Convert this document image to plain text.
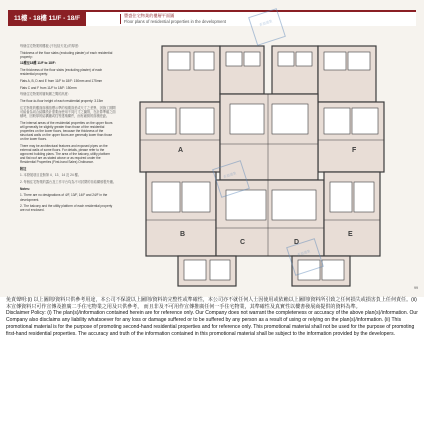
11樓 - 18樓 11/F - 18/F	豐盛住宅物業的樓層平面圖
Floor plans of residential properties in the development

每個住宅物業的樓板 (不包括天花) 的厚度:

Thickness of the floor slabs (excluding plaster) of each residential property:

11樓至18樓 11/F to 18/F:

The thickness of the floor slabs (excluding plaster) of each residential property:

Flats A, B, D and E from 11/F to 18/F: 150mm and 175mm

Flats C and F from 11/F to 18/F: 150mm

每個住宅物業的層與層之間的高度:

The floor-to-floor height of each residential property: 3.15m

住宅物業的樓面面積指標示準的預期誤差或尺寸之差異，因施工期間可能會為切合結構設計需要而使用不同尺寸之圖則，在計算準確之面積時，因較厚的結構牆或柱等建築構件，而有細微的面積差距。

The internal areas of the residential properties on the upper floors will generally be slightly greater than those of the residential properties on the lower floors, because the thickness of the structural walls on the upper floors are generally lower than those on the lower floors.

There may be architectural features and exposed pipes on the external walls of some floors. For details, please refer to the approved building plans. The area of the balcony, utility platform and flat roof are as stated above or as required under the Residential Properties (First-hand Sales) Ordinance.

附註

1. 本發展項目並無第 4、13、14 及 24 樓。

2. 每個住宅物業的露台及工作平台均為不可封閉的非結構預製外牆。

Notes:

1. There are no designations of 4/F, 13/F, 14/F and 24/F in the development.

2. The balcony and the utility platform of each residential property are not enclosed.

A	F
B	E
C	D
香港置業
香港置業
香港置業
99

免責聲明:(i) 以上圖則/資料只供參考用途，本公司不保證以上圖則/資料的完整性或準確性，本公司亦不就任何人士因使用或依賴以上圖則/資料所引致之任何損失或損害負上任何責任。(ii) 本宣傳資料只可作宣傳及推廣二手住宅物業之用及只供參考， 而且非及不可用作宣傳推廣任何一手住宅物業，其準確性及真實性以樓書發展商提供的資料為準。
Disclaimer Policy: (i) The plan(s)/information contained herein are for reference only. Our Company does not warrant the completeness or accuracy of the above plan(s)/information. Our Company also disclaims any liability whatsoever for any loss or damage suffered or to be suffered by any person as a result of using or relying on the plan(s)/information. (ii) This promotional material is for the purpose of promoting second-hand residential properties and for reference only. This promotional material shall not be used for the purpose of promoting first-hand residential properties. The accuracy and truth of the information contained in this promotional material shall be subject to the information provided by the developers.
